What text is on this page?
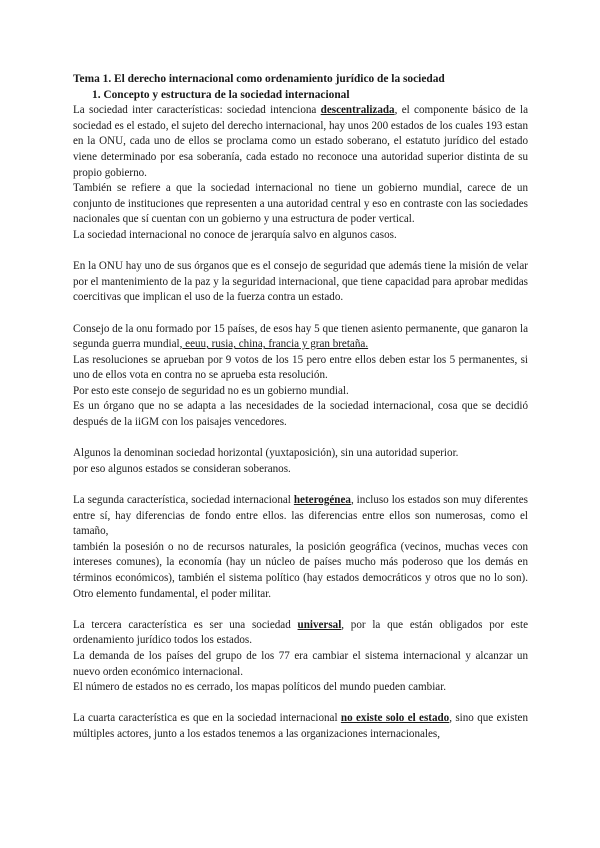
Tema 1. El derecho internacional como ordenamiento jurídico de la sociedad

1. Concepto y estructura de la sociedad internacional

La sociedad inter características: sociedad intenciona descentralizada, el componente básico de la sociedad es el estado, el sujeto del derecho internacional, hay unos 200 estados de los cuales 193 estan en la ONU, cada uno de ellos se proclama como un estado soberano, el estatuto jurídico del estado viene determinado por esa soberanía, cada estado no reconoce una autoridad superior distinta de su propio gobierno.

También se refiere a que la sociedad internacional no tiene un gobierno mundial, carece de un conjunto de instituciones que representen a una autoridad central y eso en contraste con las sociedades nacionales que sí cuentan con un gobierno y una estructura de poder vertical.

La sociedad internacional no conoce de jerarquía salvo en algunos casos.

En la ONU hay uno de sus órganos que es el consejo de seguridad que además tiene la misión de velar por el mantenimiento de la paz y la seguridad internacional, que tiene capacidad para aprobar medidas coercitivas que implican el uso de la fuerza contra un estado.

Consejo de la onu formado por 15 países, de esos hay 5 que tienen asiento permanente, que ganaron la segunda guerra mundial, eeuu, rusia, china, francia y gran bretaña.

Las resoluciones se aprueban por 9 votos de los 15 pero entre ellos deben estar los 5 permanentes, si uno de ellos vota en contra no se aprueba esta resolución.

Por esto este consejo de seguridad no es un gobierno mundial.

Es un órgano que no se adapta a las necesidades de la sociedad internacional, cosa que se decidió después de la iiGM con los paisajes vencedores.

Algunos la denominan sociedad horizontal (yuxtaposición), sin una autoridad superior.

por eso algunos estados se consideran soberanos.

La segunda característica, sociedad internacional heterogénea, incluso los estados son muy diferentes entre sí, hay diferencias de fondo entre ellos. las diferencias entre ellos son numerosas, como el tamaño,

también la posesión o no de recursos naturales, la posición geográfica (vecinos, muchas veces con intereses comunes), la economía (hay un núcleo de países mucho más poderoso que los demás en términos económicos), también el sistema político (hay estados democráticos y otros que no lo son). Otro elemento fundamental, el poder militar.

La tercera característica es ser una sociedad universal, por la que están obligados por este ordenamiento jurídico todos los estados.

La demanda de los países del grupo de los 77 era cambiar el sistema internacional y alcanzar un nuevo orden económico internacional.

El número de estados no es cerrado, los mapas políticos del mundo pueden cambiar.

La cuarta característica es que en la sociedad internacional no existe solo el estado, sino que existen múltiples actores, junto a los estados tenemos a las organizaciones internacionales,
